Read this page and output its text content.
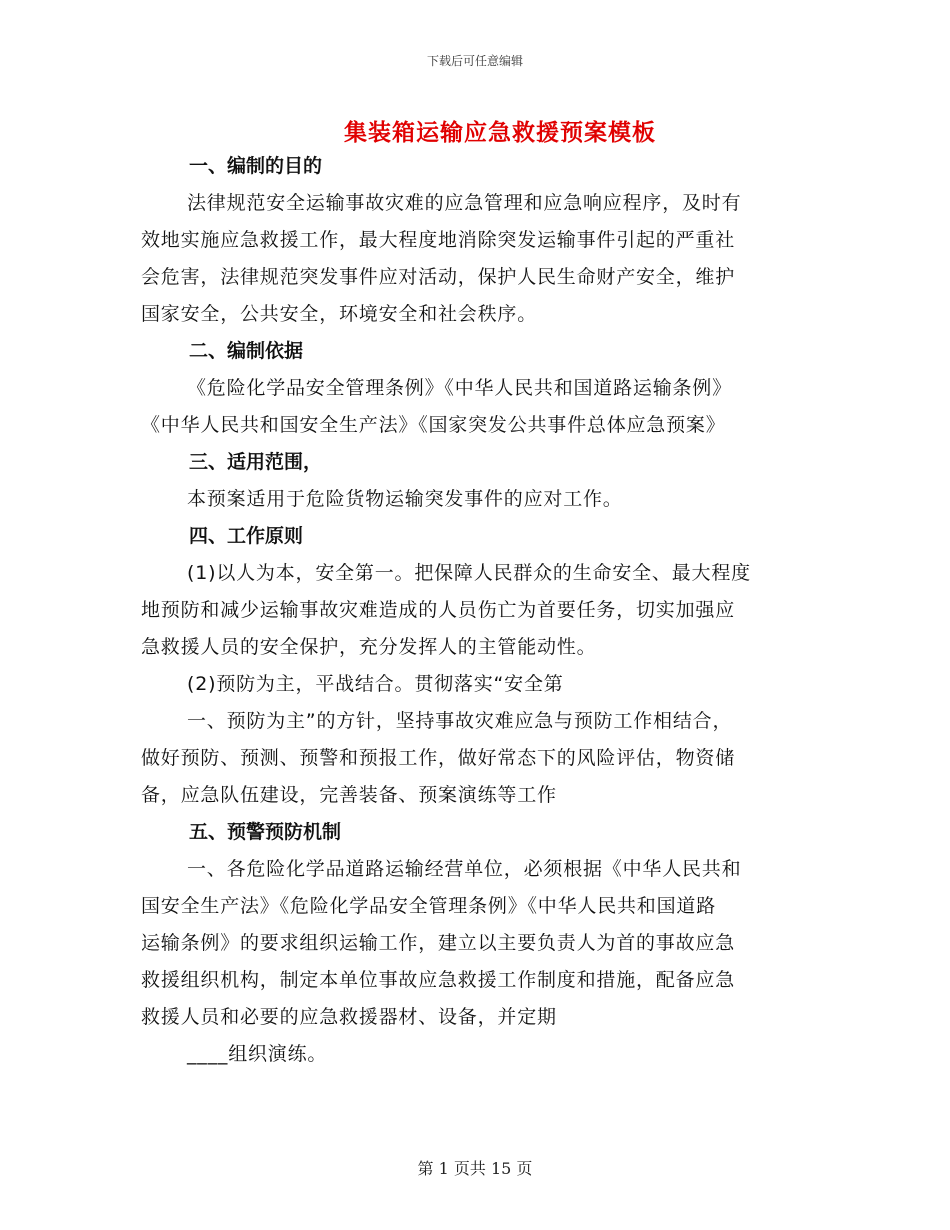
下载后可任意编辑
集装箱运输应急救援预案模板
一、编制的目的
法律规范安全运输事故灾难的应急管理和应急响应程序，及时有
效地实施应急救援工作，最大程度地消除突发运输事件引起的严重社
会危害，法律规范突发事件应对活动，保护人民生命财产安全，维护
国家安全，公共安全，环境安全和社会秩序。
二、编制依据
《危险化学品安全管理条例》《中华人民共和国道路运输条例》
《中华人民共和国安全生产法》《国家突发公共事件总体应急预案》
三、适用范围，
本预案适用于危险货物运输突发事件的应对工作。
四、工作原则
(1)以人为本，安全第一。把保障人民群众的生命安全、最大程度
地预防和减少运输事故灾难造成的人员伤亡为首要任务，切实加强应
急救援人员的安全保护，充分发挥人的主管能动性。
(2)预防为主，平战结合。贯彻落实“安全第
一、预防为主”的方针，坚持事故灾难应急与预防工作相结合，
做好预防、预测、预警和预报工作，做好常态下的风险评估，物资储
备，应急队伍建设，完善装备、预案演练等工作
五、预警预防机制
一、各危险化学品道路运输经营单位，必须根据《中华人民共和
国安全生产法》《危险化学品安全管理条例》《中华人民共和国道路
运输条例》的要求组织运输工作，建立以主要负责人为首的事故应急
救援组织机构，制定本单位事故应急救援工作制度和措施，配备应急
救援人员和必要的应急救援器材、设备，并定期
____组织演练。
第 1 页共 15 页
